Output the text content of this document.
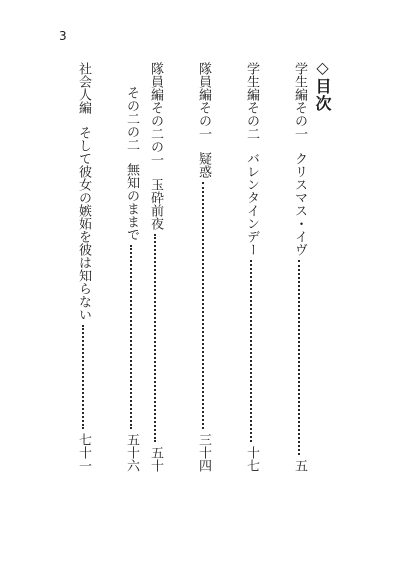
3
◇目次
学生編その一
クリスマス・イヴ
五
学生編その二
バレンタインデー
十七
隊員編その一
疑惑
三十四
隊員編その二の一
玉砕前夜
五十
その二の二
無知のままで
五十六
社会人編
そして彼女の嫉妬を彼は知らない
七十一
